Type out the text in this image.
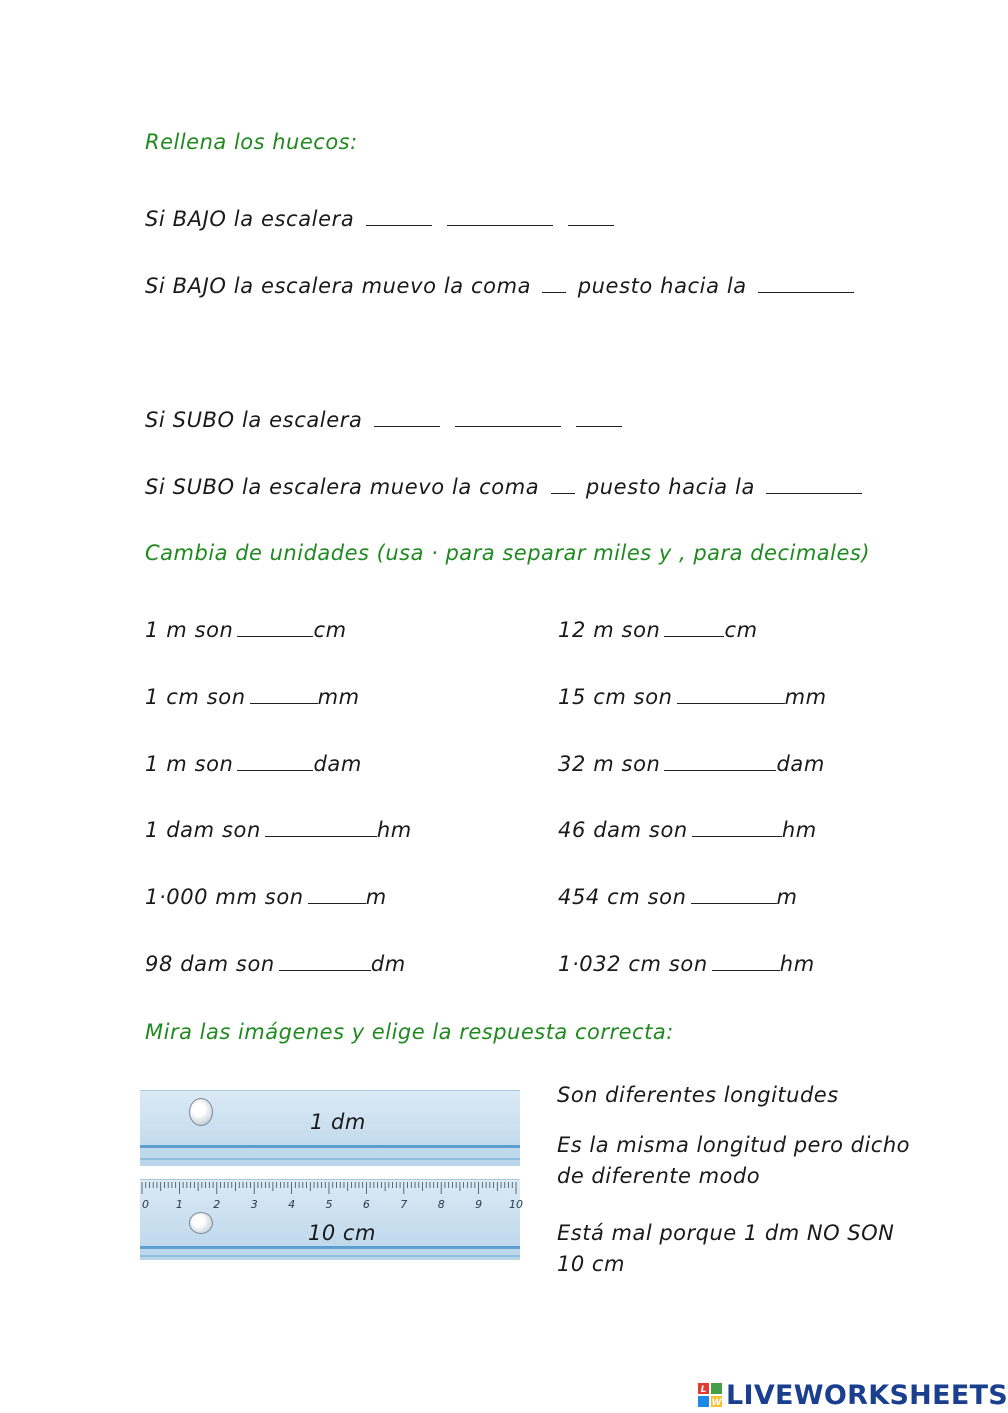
Rellena los huecos:
Si BAJO la escalera
Si BAJO la escalera muevo la coma puesto hacia la
Si SUBO la escalera
Si SUBO la escalera muevo la coma puesto hacia la
Cambia de unidades (usa · para separar miles y , para decimales)
1 m son	cm
1 cm son	mm
1 m son	dam
1 dam son	hm
1·000 mm son	m
98 dam son	dm
12 m son	cm
15 cm son	mm
32 m son	dam
46 dam son	hm
454 cm son	m
1·032 cm son	hm
Mira las imágenes y elige la respuesta correcta:
1 dm
0 1	2	3	4	5	6	7	8	9 10
10 cm
Son diferentes longitudes
Es la misma longitud pero dicho de diferente modo
Está mal porque 1 dm NO SON 10 cm
L
W LIVEWORKSHEETS
